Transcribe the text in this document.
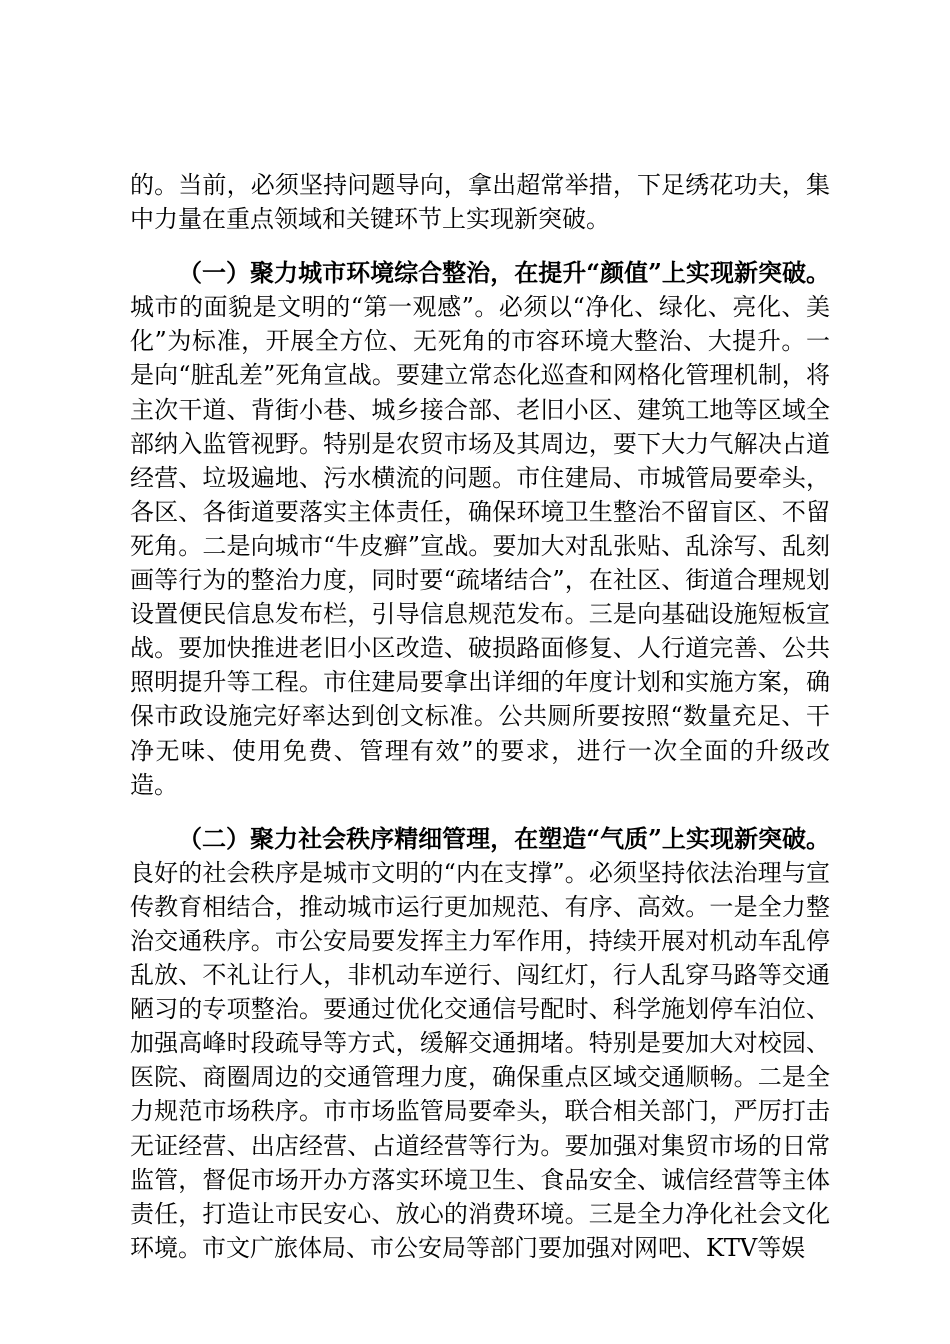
的。当前，必须坚持问题导向，拿出超常举措，下足绣花功夫，集中力量在重点领域和关键环节上实现新突破。

（一）聚力城市环境综合整治，在提升“颜值”上实现新突破。城市的面貌是文明的“第一观感”。必须以“净化、绿化、亮化、美化”为标准，开展全方位、无死角的市容环境大整治、大提升。一是向“脏乱差”死角宣战。要建立常态化巡查和网格化管理机制，将主次干道、背街小巷、城乡接合部、老旧小区、建筑工地等区域全部纳入监管视野。特别是农贸市场及其周边，要下大力气解决占道经营、垃圾遍地、污水横流的问题。市住建局、市城管局要牵头，各区、各街道要落实主体责任，确保环境卫生整治不留盲区、不留死角。二是向城市“牛皮癣”宣战。要加大对乱张贴、乱涂写、乱刻画等行为的整治力度，同时要“疏堵结合”，在社区、街道合理规划设置便民信息发布栏，引导信息规范发布。三是向基础设施短板宣战。要加快推进老旧小区改造、破损路面修复、人行道完善、公共照明提升等工程。市住建局要拿出详细的年度计划和实施方案，确保市政设施完好率达到创文标准。公共厕所要按照“数量充足、干净无味、使用免费、管理有效”的要求，进行一次全面的升级改造。

（二）聚力社会秩序精细管理，在塑造“气质”上实现新突破。良好的社会秩序是城市文明的“内在支撑”。必须坚持依法治理与宣传教育相结合，推动城市运行更加规范、有序、高效。一是全力整治交通秩序。市公安局要发挥主力军作用，持续开展对机动车乱停乱放、不礼让行人，非机动车逆行、闯红灯，行人乱穿马路等交通陋习的专项整治。要通过优化交通信号配时、科学施划停车泊位、加强高峰时段疏导等方式，缓解交通拥堵。特别是要加大对校园、医院、商圈周边的交通管理力度，确保重点区域交通顺畅。二是全力规范市场秩序。市市场监管局要牵头，联合相关部门，严厉打击无证经营、出店经营、占道经营等行为。要加强对集贸市场的日常监管，督促市场开办方落实环境卫生、食品安全、诚信经营等主体责任，打造让市民安心、放心的消费环境。三是全力净化社会文化环境。市文广旅体局、市公安局等部门要加强对网吧、KTV等娱
